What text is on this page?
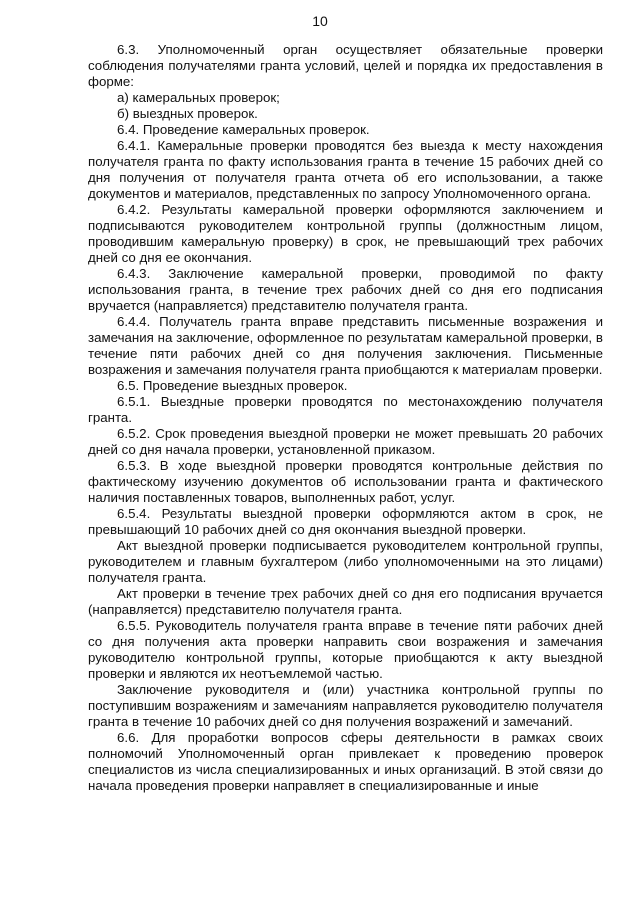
10

6.3. Уполномоченный орган осуществляет обязательные проверки соблюдения получателями гранта условий, целей и порядка их предоставления в форме:

а) камеральных проверок;

б) выездных проверок.

6.4. Проведение камеральных проверок.

6.4.1. Камеральные проверки проводятся без выезда к месту нахождения получателя гранта по факту использования гранта в течение 15 рабочих дней со дня получения от получателя гранта отчета об его использовании, а также документов и материалов, представленных по запросу Уполномоченного органа.

6.4.2. Результаты камеральной проверки оформляются заключением и подписываются руководителем контрольной группы (должностным лицом, проводившим камеральную проверку) в срок, не превышающий трех рабочих дней со дня ее окончания.

6.4.3. Заключение камеральной проверки, проводимой по факту использования гранта, в течение трех рабочих дней со дня его подписания вручается (направляется) представителю получателя гранта.

6.4.4. Получатель гранта вправе представить письменные возражения и замечания на заключение, оформленное по результатам камеральной проверки, в течение пяти рабочих дней со дня получения заключения. Письменные возражения и замечания получателя гранта приобщаются к материалам проверки.

6.5. Проведение выездных проверок.

6.5.1. Выездные проверки проводятся по местонахождению получателя гранта.

6.5.2. Срок проведения выездной проверки не может превышать 20 рабочих дней со дня начала проверки, установленной приказом.

6.5.3. В ходе выездной проверки проводятся контрольные действия по фактическому изучению документов об использовании гранта и фактического наличия поставленных товаров, выполненных работ, услуг.

6.5.4. Результаты выездной проверки оформляются актом в срок, не превышающий 10 рабочих дней со дня окончания выездной проверки.

Акт выездной проверки подписывается руководителем контрольной группы, руководителем и главным бухгалтером (либо уполномоченными на это лицами) получателя гранта.

Акт проверки в течение трех рабочих дней со дня его подписания вручается (направляется) представителю получателя гранта.

6.5.5. Руководитель получателя гранта вправе в течение пяти рабочих дней со дня получения акта проверки направить свои возражения и замечания руководителю контрольной группы, которые приобщаются к акту выездной проверки и являются их неотъемлемой частью.

Заключение руководителя и (или) участника контрольной группы по поступившим возражениям и замечаниям направляется руководителю получателя гранта в течение 10 рабочих дней со дня получения возражений и замечаний.

6.6. Для проработки вопросов сферы деятельности в рамках своих полномочий Уполномоченный орган привлекает к проведению проверок специалистов из числа специализированных и иных организаций. В этой связи до начала проведения проверки направляет в специализированные и иные
